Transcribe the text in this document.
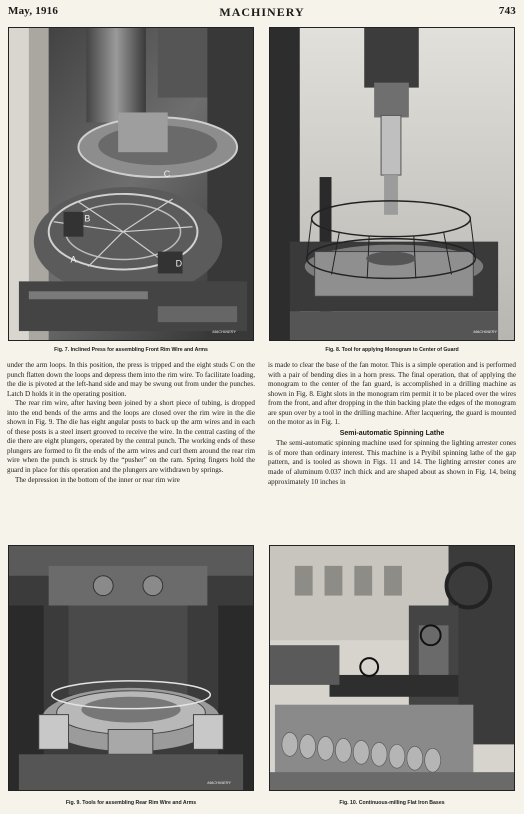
May, 1916	MACHINERY	743
B
C
A	D
MACHINERY

Fig. 7. Inclined Press for assembling Front Rim Wire and Arms

MACHINERY

Fig. 8. Tool for applying Monogram to Center of Guard

under the arm loops. In this position, the press is tripped and the eight studs C on the punch flatten down the loops and depress them into the rim wire. To facilitate loading, the die is pivoted at the left-hand side and may be swung out from under the punches. Latch D holds it in the operating position.

The rear rim wire, after having been joined by a short piece of tubing, is dropped into the end bends of the arms and the loops are closed over the rim wire in the die shown in Fig. 9. The die has eight angular posts to back up the arm wires and in each of these posts is a steel insert grooved to receive the wire. In the central casting of the die there are eight plungers, operated by the central punch. The working ends of these plungers are formed to fit the ends of the arm wires and curl them around the rear rim wire when the punch is struck by the “pusher” on the ram. Spring fingers hold the guard in place for this operation and the plungers are withdrawn by springs.

The depression in the bottom of the inner or rear rim wire

is made to clear the base of the fan motor. This is a simple operation and is performed with a pair of bending dies in a horn press. The final operation, that of applying the monogram to the center of the fan guard, is accomplished in a drilling machine as shown in Fig. 8. Eight slots in the monogram rim permit it to be placed over the wires from the front, and after dropping in the thin backing plate the edges of the monogram are spun over by a tool in the drilling machine. After lacquering, the guard is mounted on the motor as in Fig. 1.

Semi-automatic Spinning Lathe

The semi-automatic spinning machine used for spinning the lighting arrester cones is of more than ordinary interest. This machine is a Pryibil spinning lathe of the gap pattern, and is tooled as shown in Figs. 11 and 14. The lighting arrester cones are made of aluminum 0.037 inch thick and are shaped about as shown in Fig. 14, being approximately 10 inches in

MACHINERY

Fig. 9. Tools for assembling Rear Rim Wire and Arms	Fig. 10. Continuous-milling Flat Iron Bases
